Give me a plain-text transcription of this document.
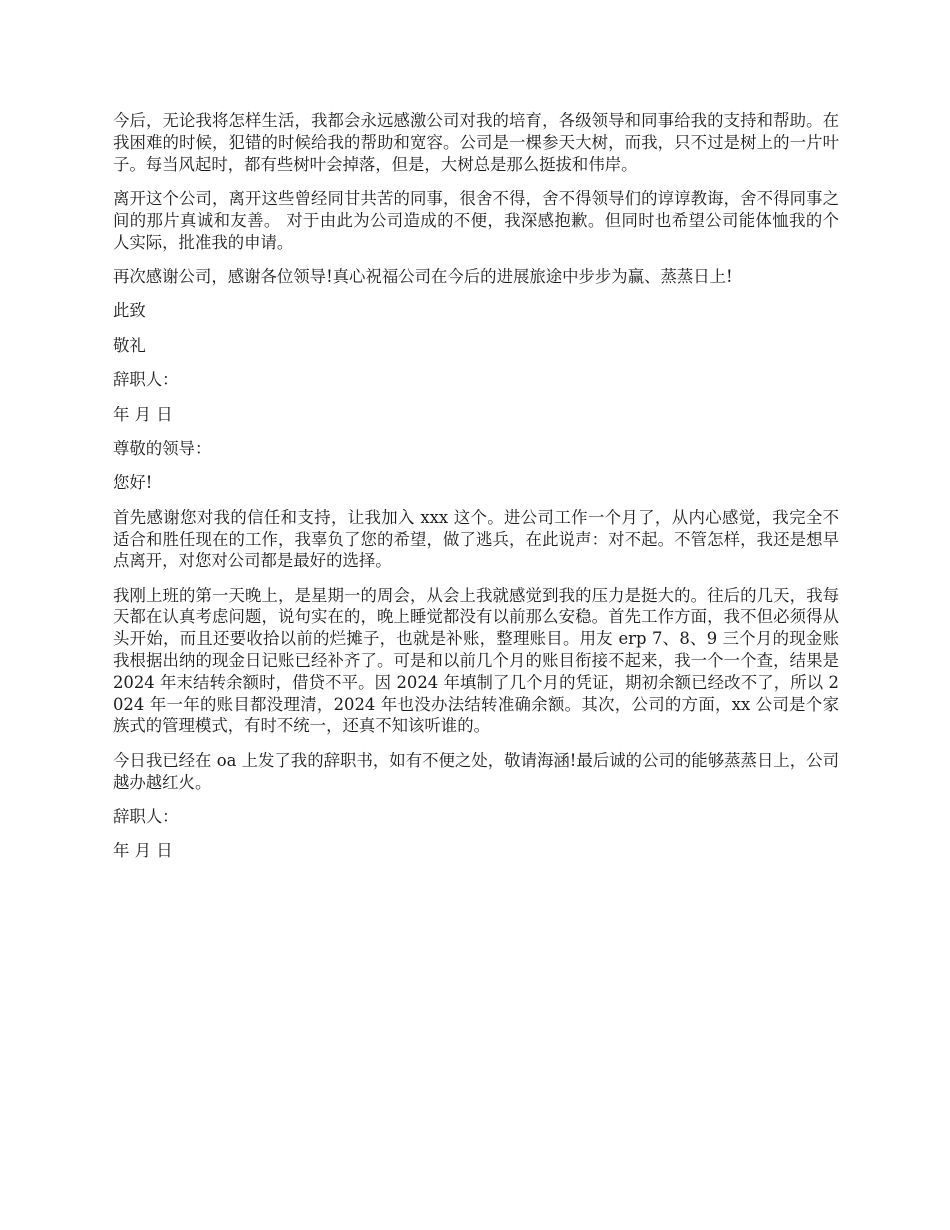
今后，无论我将怎样生活，我都会永远感激公司对我的培育，各级领导和同事给我的支持和帮助。在我困难的时候，犯错的时候给我的帮助和宽容。公司是一棵参天大树，而我，只不过是树上的一片叶子。每当风起时，都有些树叶会掉落，但是，大树总是那么挺拔和伟岸。

离开这个公司，离开这些曾经同甘共苦的同事，很舍不得，舍不得领导们的谆谆教诲，舍不得同事之间的那片真诚和友善。 对于由此为公司造成的不便，我深感抱歉。但同时也希望公司能体恤我的个人实际，批准我的申请。

再次感谢公司，感谢各位领导!真心祝福公司在今后的进展旅途中步步为赢、蒸蒸日上!

此致

敬礼

辞职人：

年 月 日

尊敬的领导：

您好!

首先感谢您对我的信任和支持，让我加入 xxx 这个。进公司工作一个月了，从内心感觉，我完全不适合和胜任现在的工作，我辜负了您的希望，做了逃兵，在此说声：对不起。不管怎样，我还是想早点离开，对您对公司都是最好的选择。

我刚上班的第一天晚上，是星期一的周会，从会上我就感觉到我的压力是挺大的。往后的几天，我每天都在认真考虑问题，说句实在的，晚上睡觉都没有以前那么安稳。首先工作方面，我不但必须得从头开始，而且还要收拾以前的烂摊子，也就是补账，整理账目。用友 erp 7、8、9 三个月的现金账我根据出纳的现金日记账已经补齐了。可是和以前几个月的账目衔接不起来，我一个一个查，结果是 2024 年末结转余额时，借贷不平。因 2024 年填制了几个月的凭证，期初余额已经改不了，所以 2024 年一年的账目都没理清，2024 年也没办法结转准确余额。其次，公司的方面，xx 公司是个家族式的管理模式，有时不统一，还真不知该听谁的。

今日我已经在 oa 上发了我的辞职书，如有不便之处，敬请海涵!最后诚的公司的能够蒸蒸日上，公司越办越红火。

辞职人：

年 月 日
